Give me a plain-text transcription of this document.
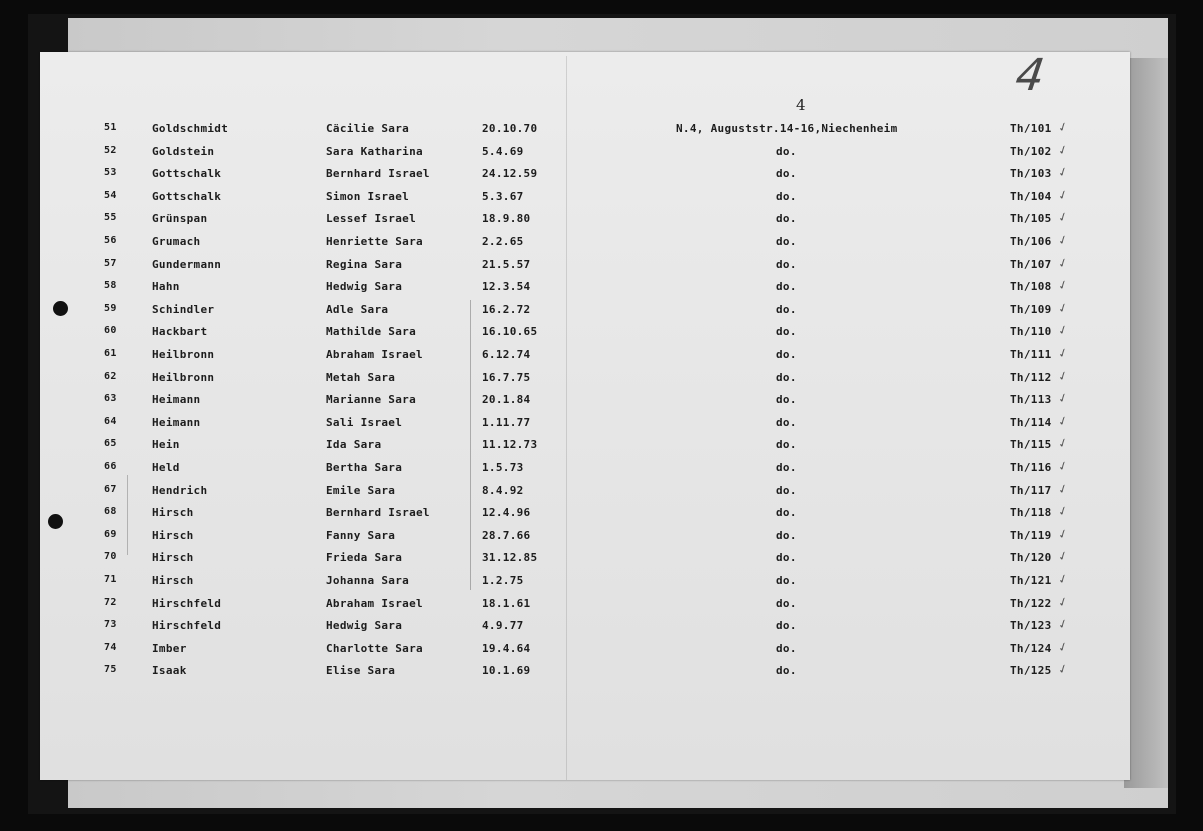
4
4
51	Goldschmidt	Cäcilie Sara	20.10.70	N.4, Auguststr.14-16,Niechenheim	Th/101 ✓
52	Goldstein	Sara Katharina	5.4.69	do.	Th/102 ✓
53	Gottschalk	Bernhard Israel	24.12.59	do.	Th/103 ✓
54	Gottschalk	Simon Israel	5.3.67	do.	Th/104 ✓
55	Grünspan	Lessef Israel	18.9.80	do.	Th/105 ✓
56	Grumach	Henriette Sara	2.2.65	do.	Th/106 ✓
57	Gundermann	Regina Sara	21.5.57	do.	Th/107 ✓
58	Hahn	Hedwig Sara	12.3.54	do.	Th/108 ✓
59	Schindler	Adle Sara	16.2.72	do.	Th/109 ✓
60	Hackbart	Mathilde Sara	16.10.65	do.	Th/110 ✓
61	Heilbronn	Abraham Israel	6.12.74	do.	Th/111 ✓
62	Heilbronn	Metah Sara	16.7.75	do.	Th/112 ✓
63	Heimann	Marianne Sara	20.1.84	do.	Th/113 ✓
64	Heimann	Sali Israel	1.11.77	do.	Th/114 ✓
65	Hein	Ida Sara	11.12.73	do.	Th/115 ✓
66	Held	Bertha Sara	1.5.73	do.	Th/116 ✓
67	Hendrich	Emile Sara	8.4.92	do.	Th/117 ✓
68	Hirsch	Bernhard Israel	12.4.96	do.	Th/118 ✓
69	Hirsch	Fanny Sara	28.7.66	do.	Th/119 ✓
70	Hirsch	Frieda Sara	31.12.85	do.	Th/120 ✓
71	Hirsch	Johanna Sara	1.2.75	do.	Th/121 ✓
72	Hirschfeld	Abraham Israel	18.1.61	do.	Th/122 ✓
73	Hirschfeld	Hedwig Sara	4.9.77	do.	Th/123 ✓
74	Imber	Charlotte Sara	19.4.64	do.	Th/124 ✓
75	Isaak	Elise Sara	10.1.69	do.	Th/125 ✓
